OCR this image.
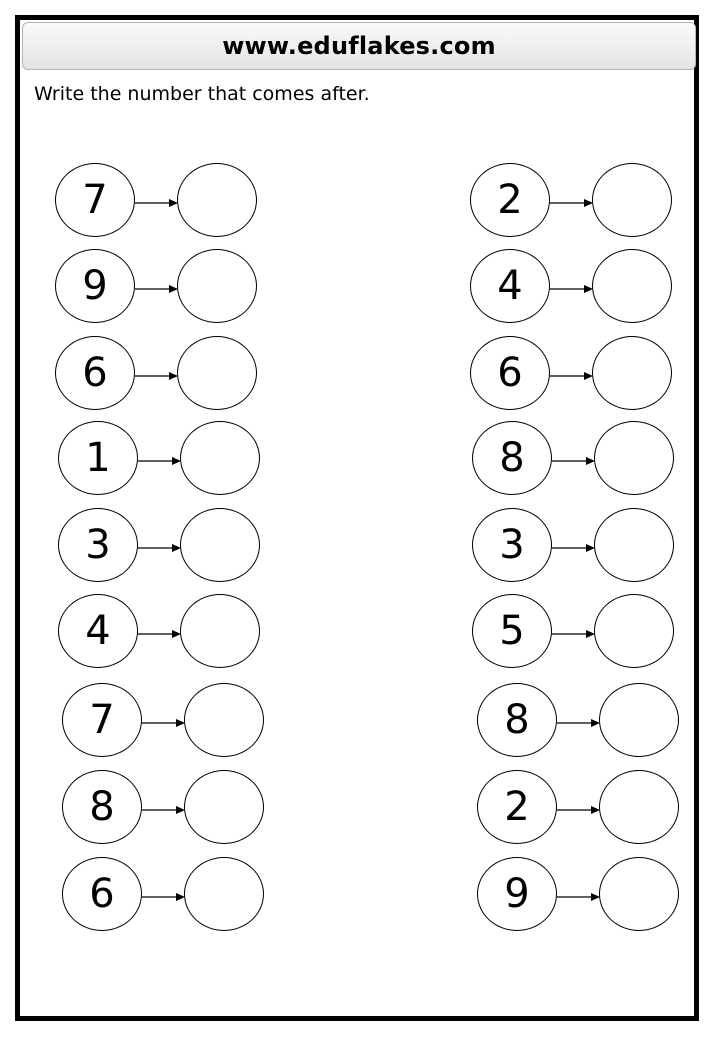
www.eduflakes.com
Write the number that comes after.
7
9
6
1
3
4
7
8
6
2
4
6
8
3
5
8
2
9
